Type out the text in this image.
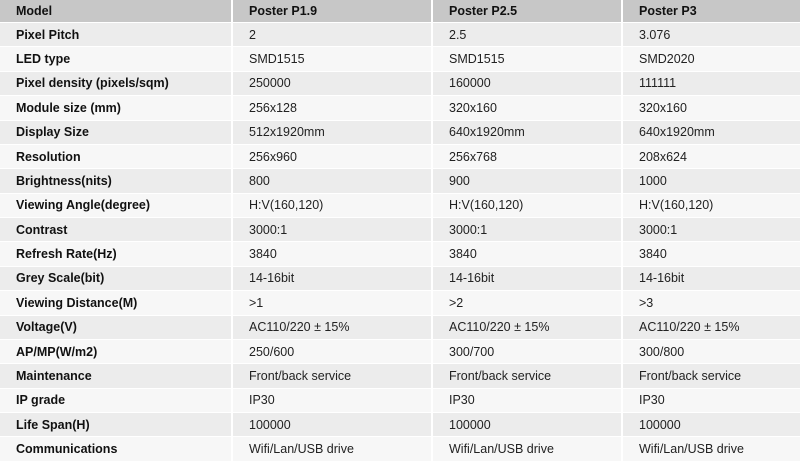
Model	Poster P1.9	Poster P2.5	Poster P3
Pixel Pitch	2	2.5	3.076
LED type	SMD1515	SMD1515	SMD2020
Pixel density (pixels/sqm)	250000	160000	111111
Module size (mm)	256x128	320x160	320x160
Display Size	512x1920mm	640x1920mm	640x1920mm
Resolution	256x960	256x768	208x624
Brightness(nits)	800	900	1000
Viewing Angle(degree)	H:V(160,120)	H:V(160,120)	H:V(160,120)
Contrast	3000:1	3000:1	3000:1
Refresh Rate(Hz)	3840	3840	3840
Grey Scale(bit)	14-16bit	14-16bit	14-16bit
Viewing Distance(M)	>1	>2	>3
Voltage(V)	AC110/220 ± 15%	AC110/220 ± 15%	AC110/220 ± 15%
AP/MP(W/m2)	250/600	300/700	300/800
Maintenance	Front/back service	Front/back service	Front/back service
IP grade	IP30	IP30	IP30
Life Span(H)	100000	100000	100000
Communications	Wifi/Lan/USB drive	Wifi/Lan/USB drive	Wifi/Lan/USB drive
